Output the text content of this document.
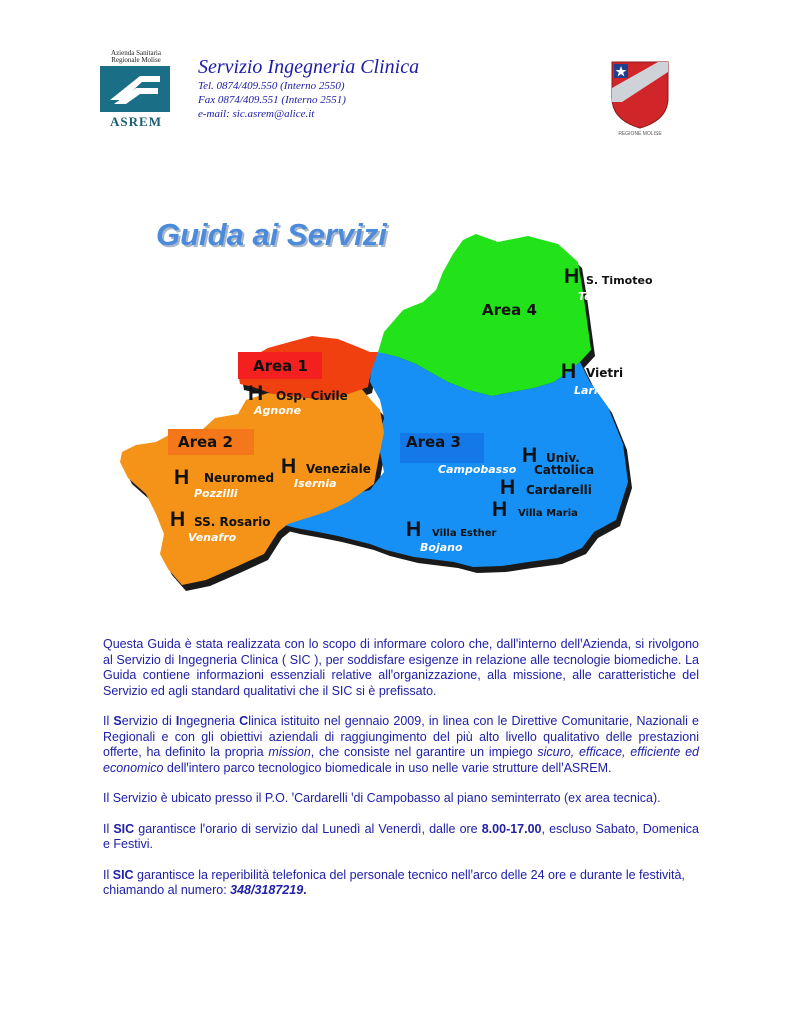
Azienda Sanitaria
Regionale Molise
ASREM
Servizio Ingegneria Clinica
Tel. 0874/409.550 (Interno 2550)
Fax 0874/409.551 (Interno 2551)
e-mail: sic.asrem@alice.it
REGIONE MOLISE
Guida ai Servizi
Area 1
Area 2	Area 3
Area 4
H S. Timoteo
Termoli
H Vietri
Larino
H Osp. Civile
Agnone
H Neuromed
Pozzilli
H Veneziale
Isernia
H SS. Rosario
Venafro
H Univ.
Cattolica
Campobasso
H Cardarelli
H Villa Maria
H Villa Esther
Bojano

Questa Guida è stata realizzata con lo scopo di informare coloro che, dallꞌinterno dellꞌAzienda, si rivolgono al Servizio di Ingegneria Clinica ( SIC ), per soddisfare esigenze in relazione alle tecnologie biomediche. La Guida contiene informazioni essenziali relative allꞌorganizzazione, alla missione, alle caratteristiche del Servizio ed agli standard qualitativi che il SIC si è prefissato.

Il Servizio di Ingegneria Clinica istituito nel gennaio 2009, in linea con le Direttive Comunitarie, Nazionali e Regionali e con gli obiettivi aziendali di raggiungimento del più alto livello qualitativo delle prestazioni offerte, ha definito la propria mission, che consiste nel garantire un impiego sicuro, efficace, efficiente ed economico dellꞌintero parco tecnologico biomedicale in uso nelle varie strutture dellꞌASREM.

Il Servizio è ubicato presso il P.O. ꞌCardarelli ꞌdi Campobasso al piano seminterrato (ex area tecnica).

Il SIC garantisce lꞌorario di servizio dal Lunedì al Venerdì, dalle ore 8.00-17.00, escluso Sabato, Domenica e Festivi.

Il SIC garantisce la reperibilità telefonica del personale tecnico nellꞌarco delle 24 ore e durante le festività, chiamando al numero: 348/3187219.
